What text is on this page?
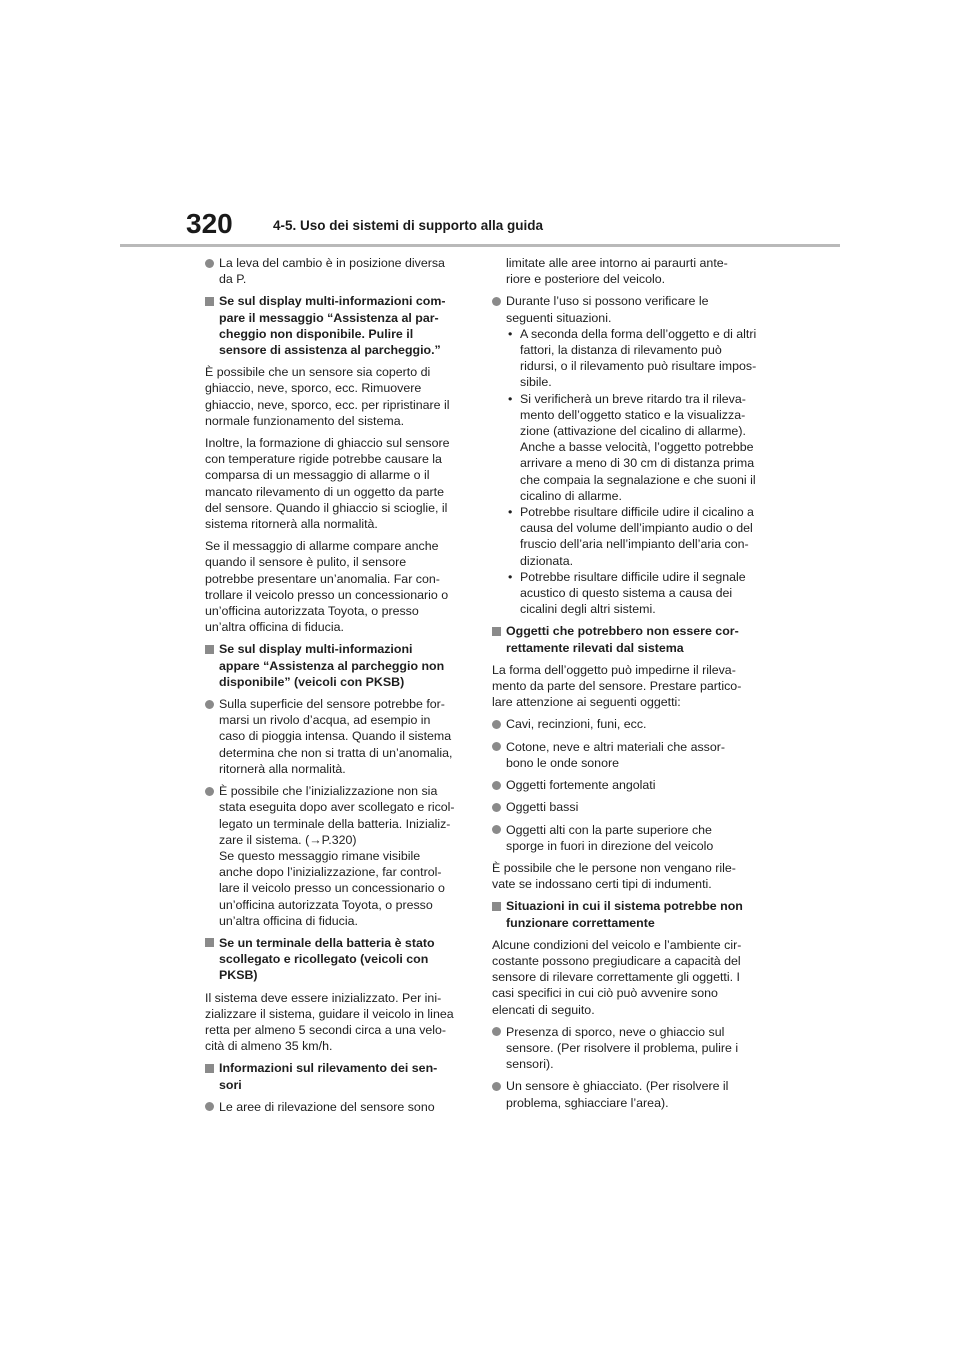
320	4-5. Uso dei sistemi di supporto alla guida
La leva del cambio è in posizione diversa
da P.
Se sul display multi-informazioni com-
pare il messaggio “Assistenza al par-
cheggio non disponibile. Pulire il
sensore di assistenza al parcheggio.”
È possibile che un sensore sia coperto di
ghiaccio, neve, sporco, ecc. Rimuovere
ghiaccio, neve, sporco, ecc. per ripristinare il
normale funzionamento del sistema.
Inoltre, la formazione di ghiaccio sul sensore
con temperature rigide potrebbe causare la
comparsa di un messaggio di allarme o il
mancato rilevamento di un oggetto da parte
del sensore. Quando il ghiaccio si scioglie, il
sistema ritornerà alla normalità.
Se il messaggio di allarme compare anche
quando il sensore è pulito, il sensore
potrebbe presentare un’anomalia. Far con-
trollare il veicolo presso un concessionario o
un’officina autorizzata Toyota, o presso
un’altra officina di fiducia.
Se sul display multi-informazioni
appare “Assistenza al parcheggio non
disponibile” (veicoli con PKSB)
Sulla superficie del sensore potrebbe for-
marsi un rivolo d’acqua, ad esempio in
caso di pioggia intensa. Quando il sistema
determina che non si tratta di un’anomalia,
ritornerà alla normalità.
È possibile che l’inizializzazione non sia
stata eseguita dopo aver scollegato e ricol-
legato un terminale della batteria. Inizializ-
zare il sistema. (→P.320)
Se questo messaggio rimane visibile
anche dopo l’inizializzazione, far control-
lare il veicolo presso un concessionario o
un’officina autorizzata Toyota, o presso
un’altra officina di fiducia.
Se un terminale della batteria è stato
scollegato e ricollegato (veicoli con
PKSB)
Il sistema deve essere inizializzato. Per ini-
zializzare il sistema, guidare il veicolo in linea
retta per almeno 5 secondi circa a una velo-
cità di almeno 35 km/h.
Informazioni sul rilevamento dei sen-
sori
Le aree di rilevazione del sensore sono
limitate alle aree intorno ai paraurti ante-
riore e posteriore del veicolo.
Durante l’uso si possono verificare le
seguenti situazioni.
• A seconda della forma dell’oggetto e di altri
fattori, la distanza di rilevamento può
ridursi, o il rilevamento può risultare impos-
sibile.
• Si verificherà un breve ritardo tra il rileva-
mento dell’oggetto statico e la visualizza-
zione (attivazione del cicalino di allarme).
Anche a basse velocità, l’oggetto potrebbe
arrivare a meno di 30 cm di distanza prima
che compaia la segnalazione e che suoni il
cicalino di allarme.
• Potrebbe risultare difficile udire il cicalino a
causa del volume dell’impianto audio o del
fruscio dell’aria nell’impianto dell’aria con-
dizionata.
• Potrebbe risultare difficile udire il segnale
acustico di questo sistema a causa dei
cicalini degli altri sistemi.
Oggetti che potrebbero non essere cor-
rettamente rilevati dal sistema
La forma dell’oggetto può impedirne il rileva-
mento da parte del sensore. Prestare partico-
lare attenzione ai seguenti oggetti:
Cavi, recinzioni, funi, ecc.
Cotone, neve e altri materiali che assor-
bono le onde sonore
Oggetti fortemente angolati
Oggetti bassi
Oggetti alti con la parte superiore che
sporge in fuori in direzione del veicolo
È possibile che le persone non vengano rile-
vate se indossano certi tipi di indumenti.
Situazioni in cui il sistema potrebbe non
funzionare correttamente
Alcune condizioni del veicolo e l’ambiente cir-
costante possono pregiudicare a capacità del
sensore di rilevare correttamente gli oggetti. I
casi specifici in cui ciò può avvenire sono
elencati di seguito.
Presenza di sporco, neve o ghiaccio sul
sensore. (Per risolvere il problema, pulire i
sensori).
Un sensore è ghiacciato. (Per risolvere il
problema, sghiacciare l’area).
